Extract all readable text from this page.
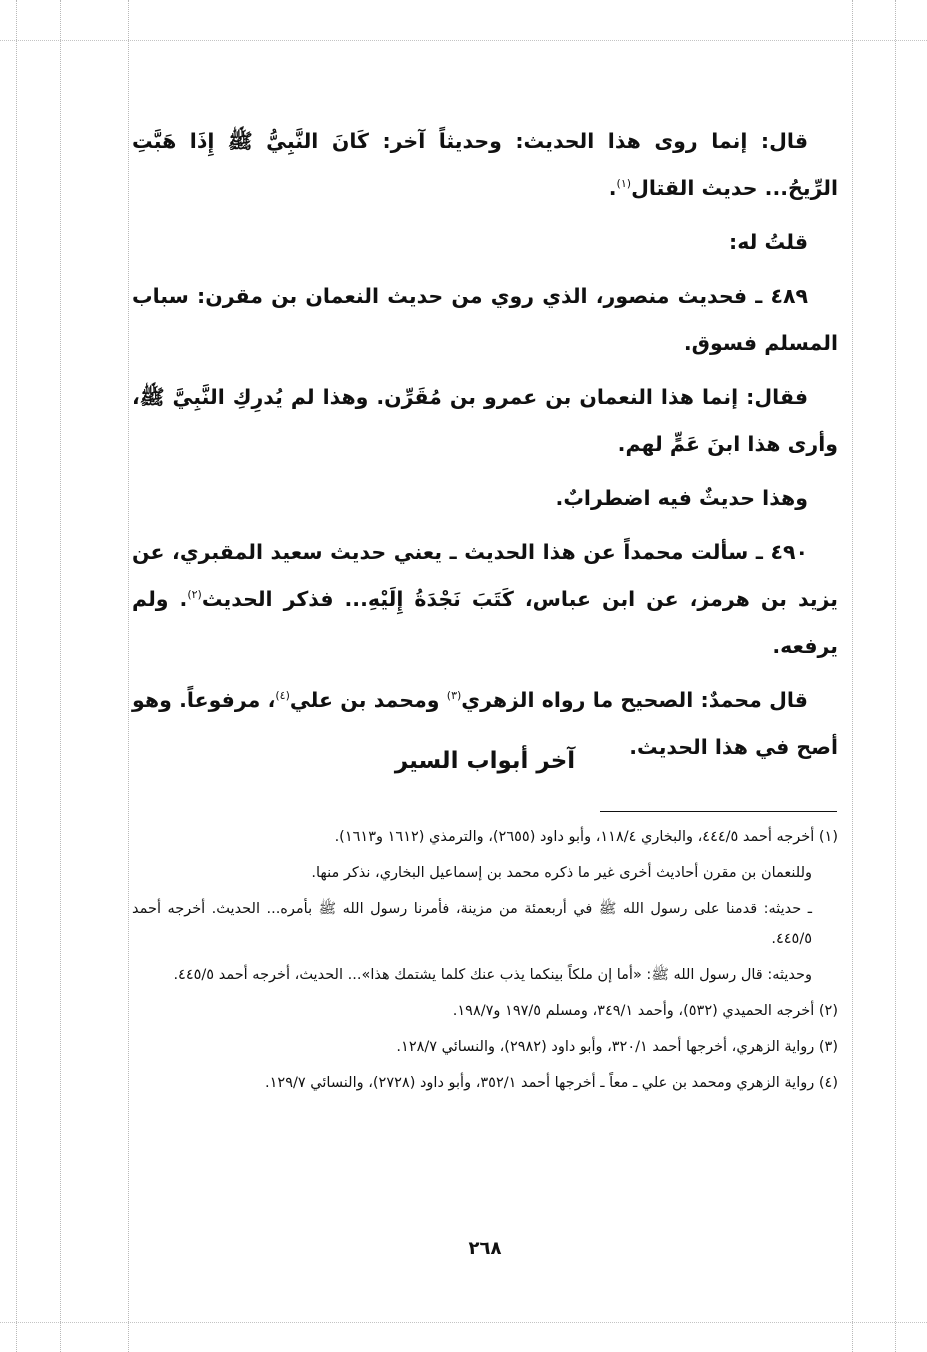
قال: إنما روى هذا الحديث: وحديثاً آخر: كَانَ النَّبِيُّ ﷺ إِذَا هَبَّتِ الرِّيحُ... حديث القتال$^{(١)}$.

قلتُ له:

٤٨٩ ـ فحديث منصور، الذي روي من حديث النعمان بن مقرن: سباب المسلم فسوق.

فقال: إنما هذا النعمان بن عمرو بن مُقَرِّن. وهذا لم يُدرِكِ النَّبِيَّ ﷺ، وأرى هذا ابنَ عَمٍّ لهم.

وهذا حديثٌ فيه اضطرابٌ.

٤٩٠ ـ سألت محمداً عن هذا الحديث ـ يعني حديث سعيد المقبري، عن يزيد بن هرمز، عن ابن عباس، كَتَبَ نَجْدَةُ إِلَيْهِ... فذكر الحديث$^{(٢)}$. ولم يرفعه.

قال محمدٌ: الصحيح ما رواه الزهري$^{(٣)}$ ومحمد بن علي$^{(٤)}$، مرفوعاً. وهو أصح في هذا الحديث.

آخر أبواب السير

(١) أخرجه أحمد ٤٤٤/٥، والبخاري ١١٨/٤، وأبو داود (٢٦٥٥)، والترمذي (١٦١٢ و١٦١٣).

وللنعمان بن مقرن أحاديث أخرى غير ما ذكره محمد بن إسماعيل البخاري، نذكر منها.

ـ حديثه: قدمنا على رسول الله ﷺ في أربعمئة من مزينة، فأمرنا رسول الله ﷺ بأمره... الحديث. أخرجه أحمد ٤٤٥/٥.

وحديثه: قال رسول الله ﷺ: «أما إن ملكاً بينكما يذب عنك كلما يشتمك هذا»... الحديث، أخرجه أحمد ٤٤٥/٥.

(٢) أخرجه الحميدي (٥٣٢)، وأحمد ٣٤٩/١، ومسلم ١٩٧/٥ و١٩٨/٧.

(٣) رواية الزهري، أخرجها أحمد ٣٢٠/١، وأبو داود (٢٩٨٢)، والنسائي ١٢٨/٧.

(٤) رواية الزهري ومحمد بن علي ـ معاً ـ أخرجها أحمد ٣٥٢/١، وأبو داود (٢٧٢٨)، والنسائي ١٢٩/٧.

٢٦٨
